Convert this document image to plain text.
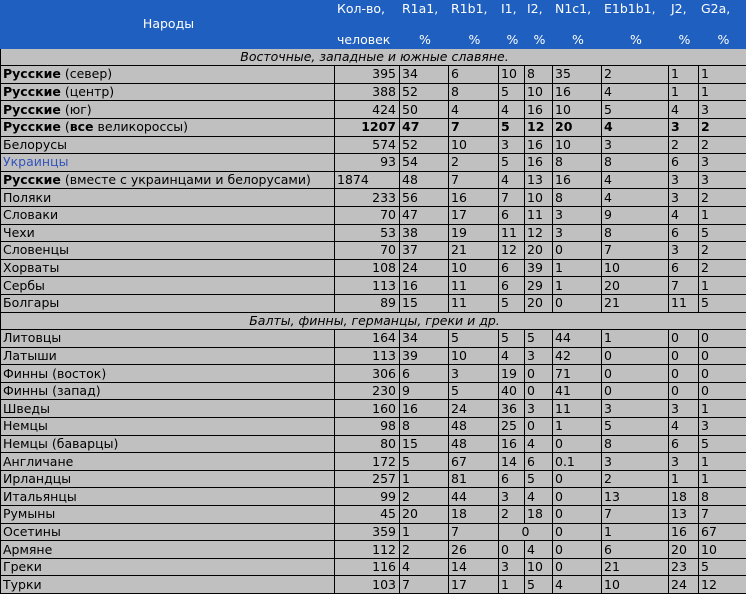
Народы	Кол-во,	R1a1,	R1b1,	I1,	I2,	N1c1,	E1b1b1,	J2,	G2a,
	человек	%	%	%	%	%	%	%	%
Восточные, западные и южные славяне.									
Русские (север)	395	34	6	10	8	35	2	1	1
Русские (центр)	388	52	8	5	10	16	4	1	1
Русские (юг)	424	50	4	4	16	10	5	4	3
Русские (все великороссы)	1207	47	7	5	12	20	4	3	2
Белорусы	574	52	10	3	16	10	3	2	2
Украинцы	93	54	2	5	16	8	8	6	3
Русские (вместе с украинцами и белорусами)	1874	48	7	4	13	16	4	3	3
Поляки	233	56	16	7	10	8	4	3	2
Словаки	70	47	17	6	11	3	9	4	1
Чехи	53	38	19	11	12	3	8	6	5
Словенцы	70	37	21	12	20	0	7	3	2
Хорваты	108	24	10	6	39	1	10	6	2
Сербы	113	16	11	6	29	1	20	7	1
Болгары	89	15	11	5	20	0	21	11	5
Балты, финны, германцы, греки и др.									
Литовцы	164	34	5	5	5	44	1	0	0
Латыши	113	39	10	4	3	42	0	0	0
Финны (восток)	306	6	3	19	0	71	0	0	0
Финны (запад)	230	9	5	40	0	41	0	0	0
Шведы	160	16	24	36	3	11	3	3	1
Немцы	98	8	48	25	0	1	5	4	3
Немцы (баварцы)	80	15	48	16	4	0	8	6	5
Англичане	172	5	67	14	6	0.1	3	3	1
Ирландцы	257	1	81	6	5	0	2	1	1
Итальянцы	99	2	44	3	4	0	13	18	8
Румыны	45	20	18	2	18	0	7	13	7
Осетины	359	1	7	0		0	1	16	67
Армяне	112	2	26	0	4	0	6	20	10
Греки	116	4	14	3	10	0	21	23	5
Турки	103	7	17	1	5	4	10	24	12
